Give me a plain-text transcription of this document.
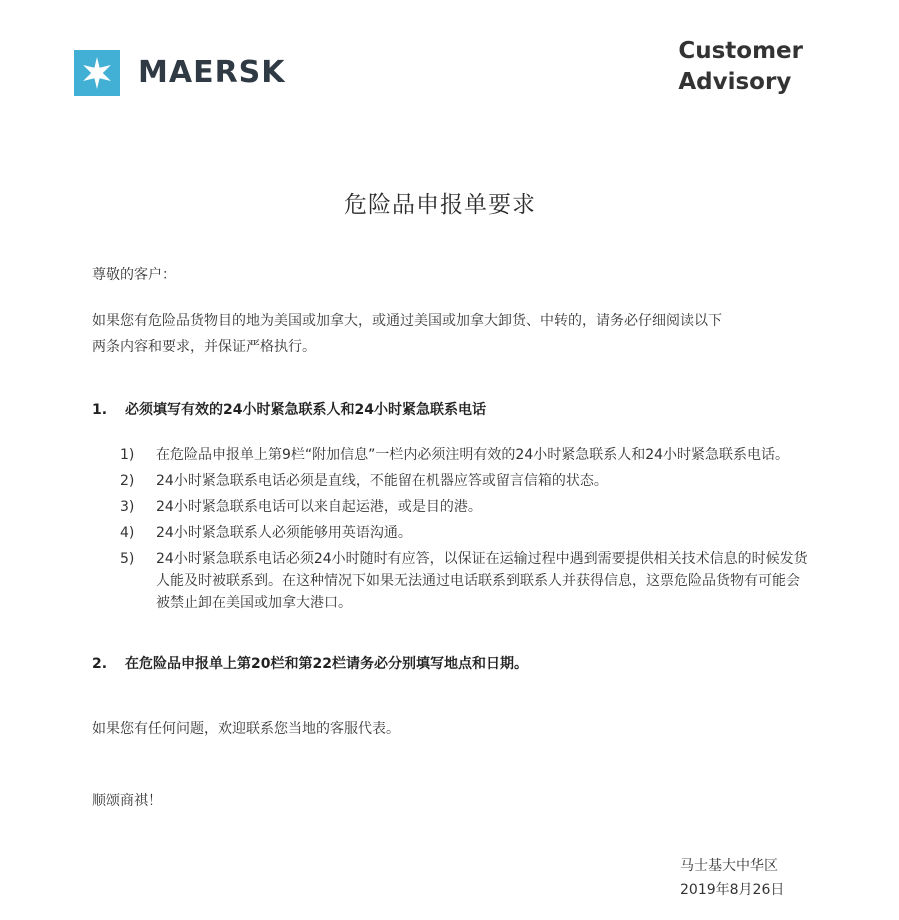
MAERSK
Customer
Advisory
危险品申报单要求
尊敬的客户：
如果您有危险品货物目的地为美国或加拿大，或通过美国或加拿大卸货、中转的，请务必仔细阅读以下两条内容和要求，并保证严格执行。
1. 必须填写有效的24小时紧急联系人和24小时紧急联系电话
1)	在危险品申报单上第9栏“附加信息”一栏内必须注明有效的24小时紧急联系人和24小时紧急联系电话。
2)	24小时紧急联系电话必须是直线，不能留在机器应答或留言信箱的状态。
3)	24小时紧急联系电话可以来自起运港，或是目的港。
4)	24小时紧急联系人必须能够用英语沟通。
5)	24小时紧急联系电话必须24小时随时有应答，以保证在运输过程中遇到需要提供相关技术信息的时候发货人能及时被联系到。在这种情况下如果无法通过电话联系到联系人并获得信息，这票危险品货物有可能会被禁止卸在美国或加拿大港口。
2. 在危险品申报单上第20栏和第22栏请务必分别填写地点和日期。
如果您有任何问题，欢迎联系您当地的客服代表。
顺颂商祺！
马士基大中华区
2019年8月26日
